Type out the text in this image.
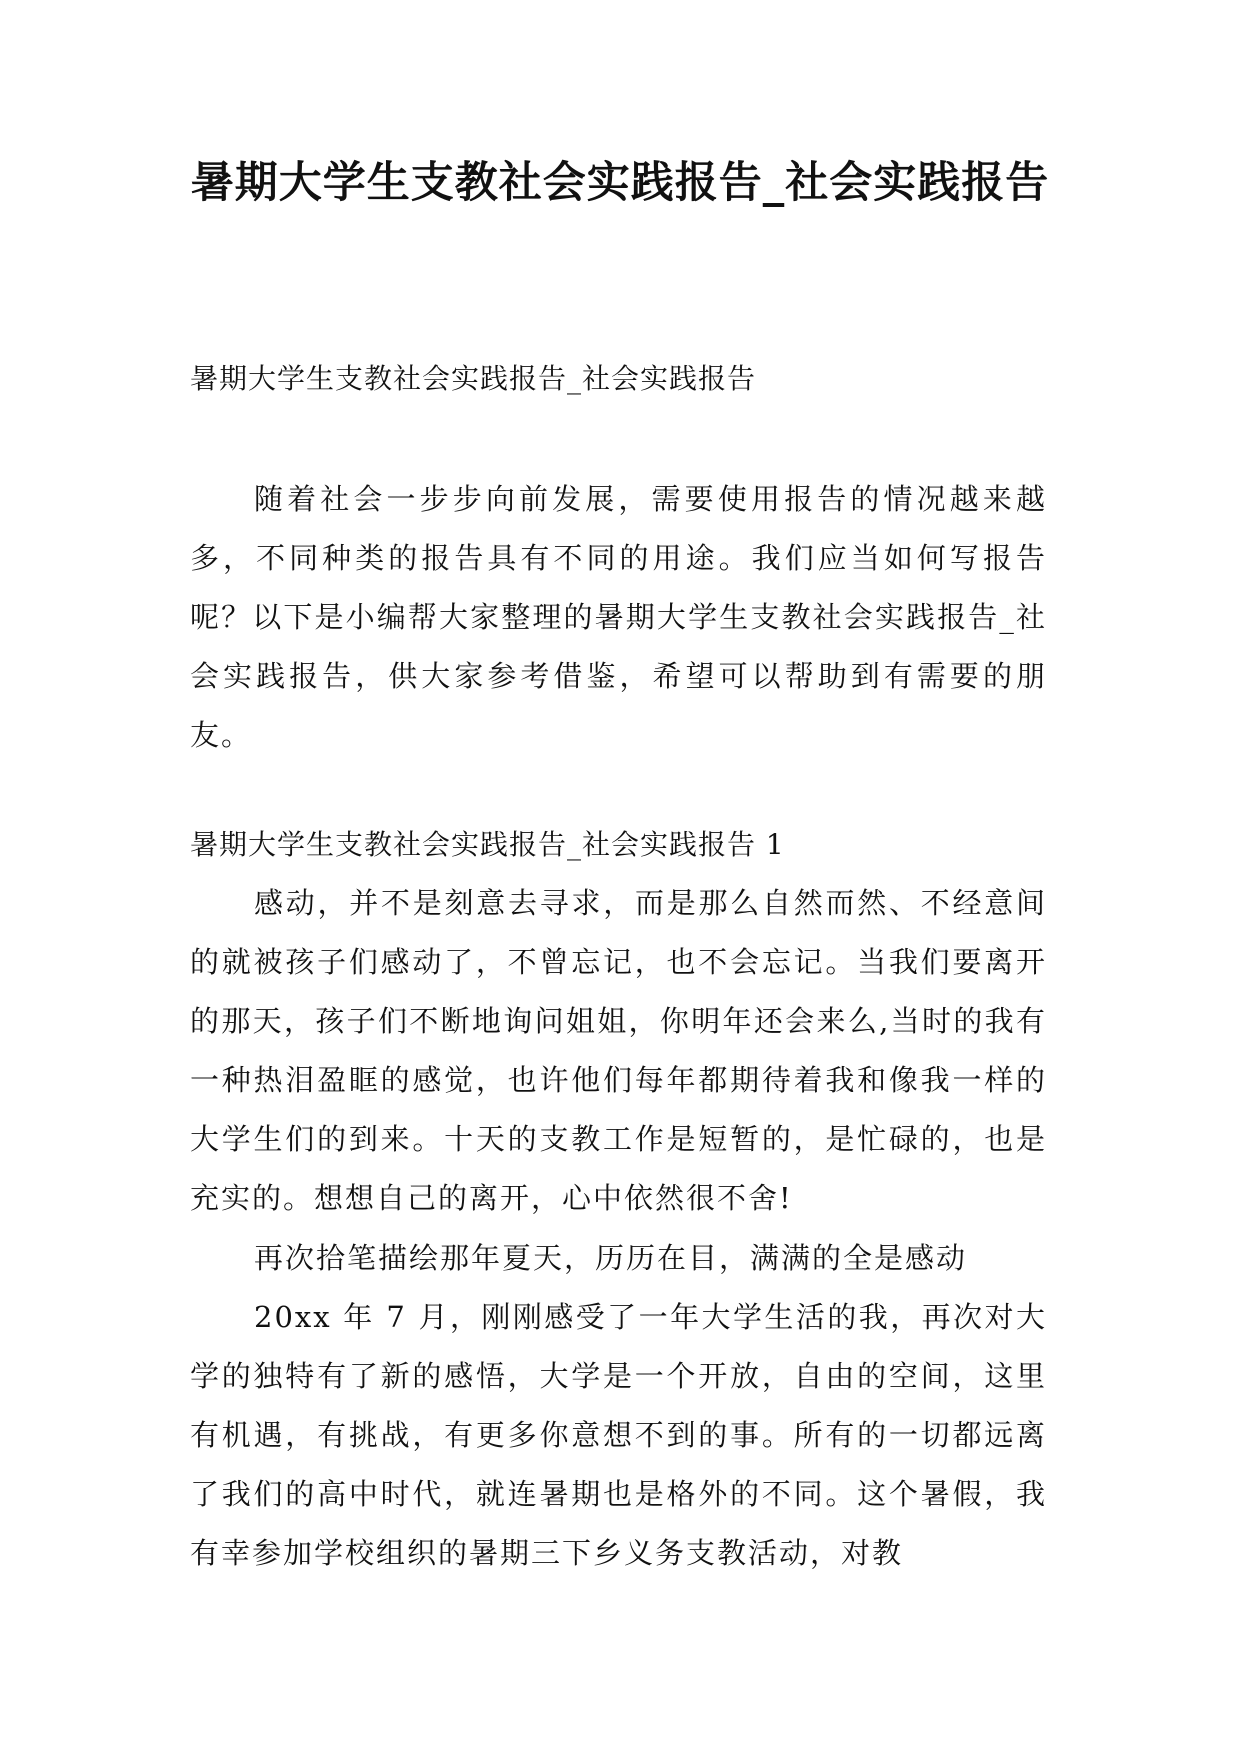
暑期大学生支教社会实践报告_社会实践报告

暑期大学生支教社会实践报告_社会实践报告

随着社会一步步向前发展，需要使用报告的情况越来越多，不同种类的报告具有不同的用途。我们应当如何写报告呢？以下是小编帮大家整理的暑期大学生支教社会实践报告_社会实践报告，供大家参考借鉴，希望可以帮助到有需要的朋友。

暑期大学生支教社会实践报告_社会实践报告 1

感动，并不是刻意去寻求，而是那么自然而然、不经意间的就被孩子们感动了，不曾忘记，也不会忘记。当我们要离开的那天，孩子们不断地询问姐姐，你明年还会来么,当时的我有一种热泪盈眶的感觉，也许他们每年都期待着我和像我一样的大学生们的到来。十天的支教工作是短暂的，是忙碌的，也是充实的。想想自己的离开，心中依然很不舍!

再次拾笔描绘那年夏天，历历在目，满满的全是感动

20xx 年 7 月，刚刚感受了一年大学生活的我，再次对大学的独特有了新的感悟，大学是一个开放，自由的空间，这里有机遇，有挑战，有更多你意想不到的事。所有的一切都远离了我们的高中时代，就连暑期也是格外的不同。这个暑假，我有幸参加学校组织的暑期三下乡义务支教活动，对教
